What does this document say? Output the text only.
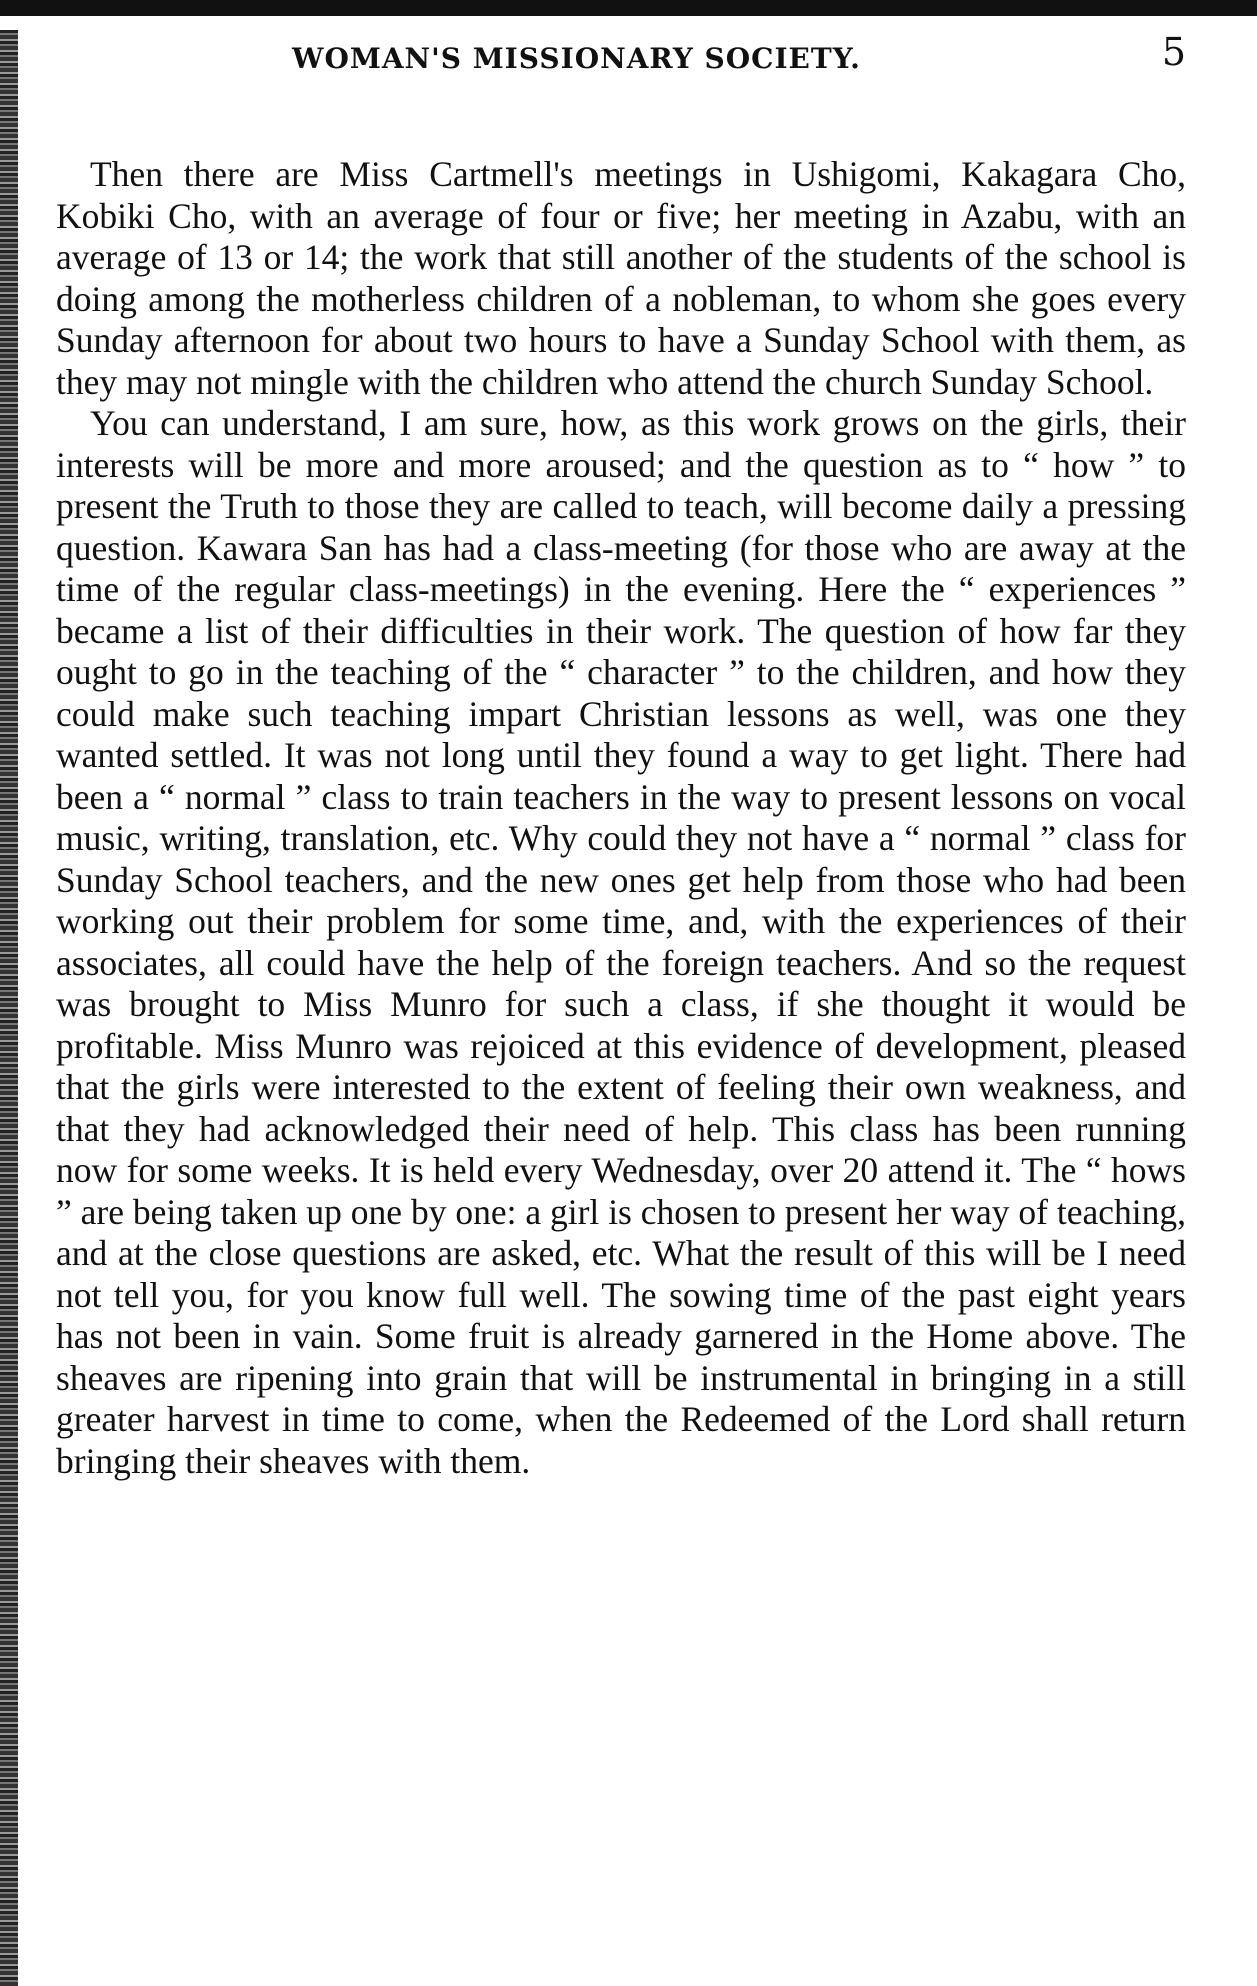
WOMAN'S MISSIONARY SOCIETY.	5

Then there are Miss Cartmell's meetings in Ushigomi, Kakagara Cho, Kobiki Cho, with an average of four or five; her meeting in Azabu, with an average of 13 or 14; the work that still another of the students of the school is doing among the motherless children of a nobleman, to whom she goes every Sunday afternoon for about two hours to have a Sunday School with them, as they may not mingle with the children who attend the church Sunday School.

You can understand, I am sure, how, as this work grows on the girls, their interests will be more and more aroused; and the question as to “ how ” to present the Truth to those they are called to teach, will become daily a pressing question. Kawara San has had a class-meeting (for those who are away at the time of the regular class-meetings) in the evening. Here the “ experiences ” became a list of their difficulties in their work. The question of how far they ought to go in the teaching of the “ character ” to the children, and how they could make such teaching impart Christian lessons as well, was one they wanted settled. It was not long until they found a way to get light. There had been a “ normal ” class to train teachers in the way to present lessons on vocal music, writing, translation, etc. Why could they not have a “ normal ” class for Sunday School teachers, and the new ones get help from those who had been working out their problem for some time, and, with the experiences of their associates, all could have the help of the foreign teachers. And so the request was brought to Miss Munro for such a class, if she thought it would be profitable. Miss Munro was rejoiced at this evidence of development, pleased that the girls were interested to the extent of feeling their own weakness, and that they had acknowledged their need of help. This class has been running now for some weeks. It is held every Wednesday, over 20 attend it. The “ hows ” are being taken up one by one: a girl is chosen to present her way of teaching, and at the close questions are asked, etc. What the result of this will be I need not tell you, for you know full well. The sowing time of the past eight years has not been in vain. Some fruit is already garnered in the Home above. The sheaves are ripening into grain that will be instrumental in bringing in a still greater harvest in time to come, when the Redeemed of the Lord shall return bringing their sheaves with them.
